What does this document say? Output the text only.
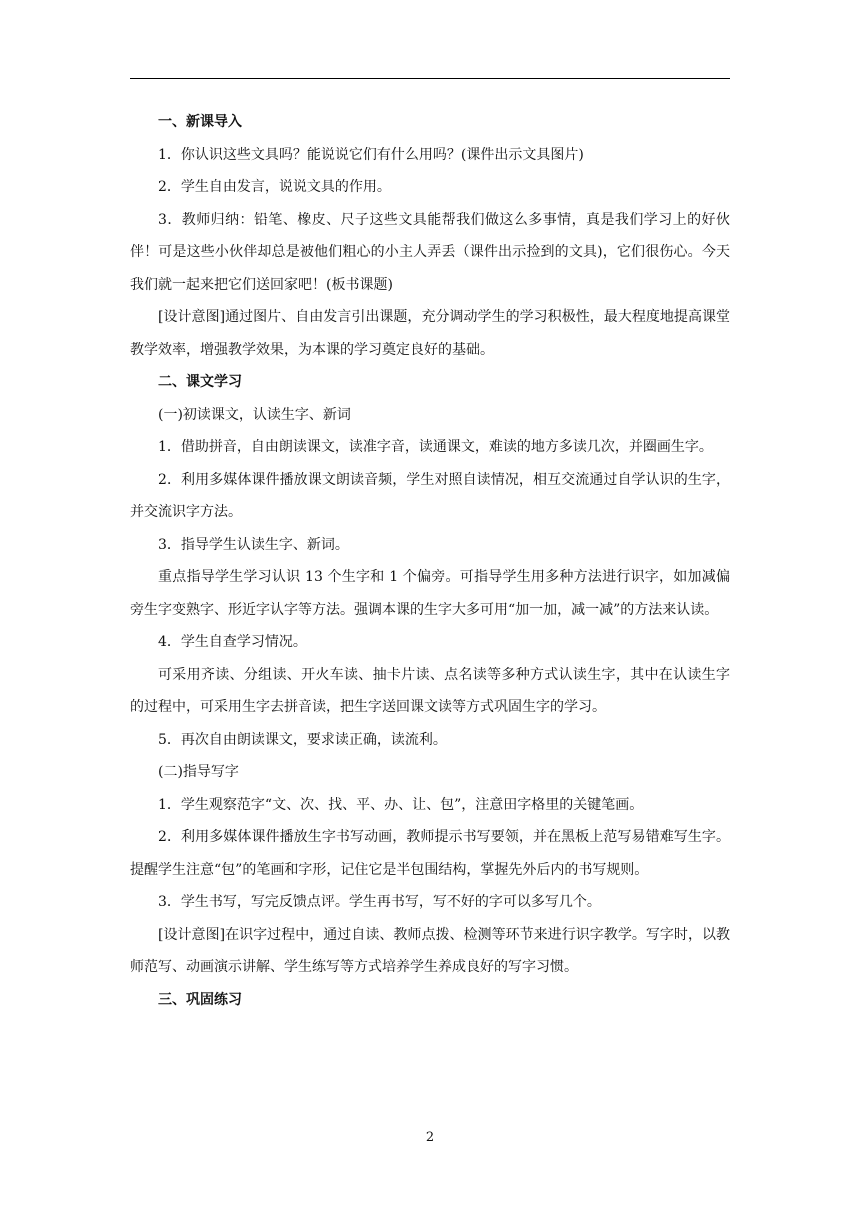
一、新课导入

1．你认识这些文具吗？能说说它们有什么用吗？(课件出示文具图片)

2．学生自由发言，说说文具的作用。

3．教师归纳：铅笔、橡皮、尺子这些文具能帮我们做这么多事情，真是我们学习上的好伙伴！可是这些小伙伴却总是被他们粗心的小主人弄丢（课件出示捡到的文具)，它们很伤心。今天我们就一起来把它们送回家吧！(板书课题)

[设计意图]通过图片、自由发言引出课题，充分调动学生的学习积极性，最大程度地提高课堂教学效率，增强教学效果，为本课的学习奠定良好的基础。

二、课文学习

(一)初读课文，认读生字、新词

1．借助拼音，自由朗读课文，读准字音，读通课文，难读的地方多读几次，并圈画生字。

2．利用多媒体课件播放课文朗读音频，学生对照自读情况，相互交流通过自学认识的生字，并交流识字方法。

3．指导学生认读生字、新词。

重点指导学生学习认识 13 个生字和 1 个偏旁。可指导学生用多种方法进行识字，如加减偏旁生字变熟字、形近字认字等方法。强调本课的生字大多可用“加一加，减一减”的方法来认读。

4．学生自查学习情况。

可采用齐读、分组读、开火车读、抽卡片读、点名读等多种方式认读生字，其中在认读生字的过程中，可采用生字去拼音读，把生字送回课文读等方式巩固生字的学习。

5．再次自由朗读课文，要求读正确，读流利。

(二)指导写字

1．学生观察范字“文、次、找、平、办、让、包”，注意田字格里的关键笔画。

2．利用多媒体课件播放生字书写动画，教师提示书写要领，并在黑板上范写易错难写生字。提醒学生注意“包”的笔画和字形，记住它是半包围结构，掌握先外后内的书写规则。

3．学生书写，写完反馈点评。学生再书写，写不好的字可以多写几个。

[设计意图]在识字过程中，通过自读、教师点拨、检测等环节来进行识字教学。写字时，以教师范写、动画演示讲解、学生练写等方式培养学生养成良好的写字习惯。

三、巩固练习

2
